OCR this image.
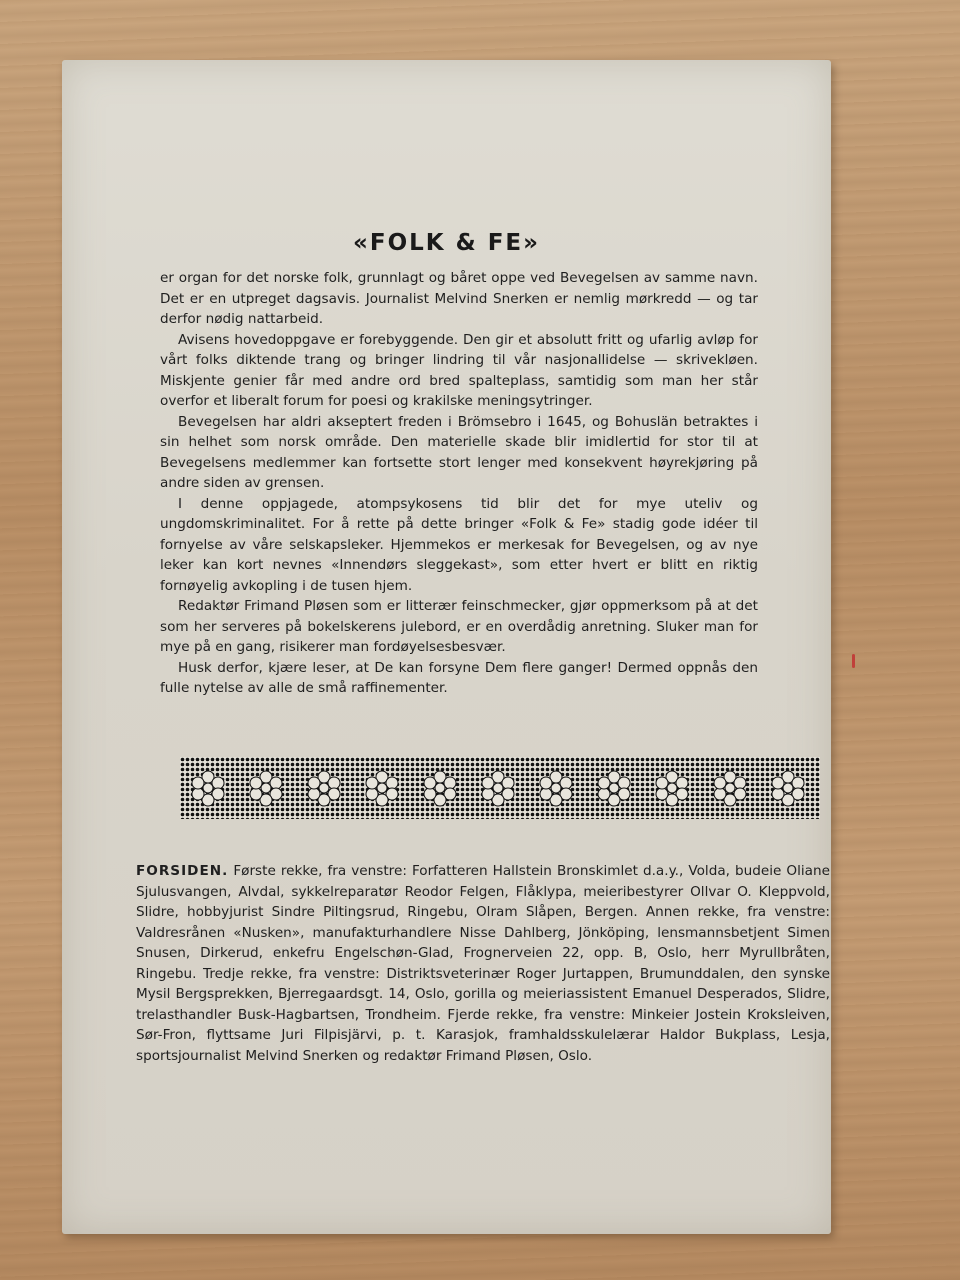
«FOLK & FE»

er organ for det norske folk, grunnlagt og båret oppe ved Bevegelsen av samme navn. Det er en utpreget dagsavis. Journalist Melvind Snerken er nemlig mørkredd — og tar derfor nødig nattarbeid.

Avisens hovedoppgave er forebyggende. Den gir et absolutt fritt og ufarlig avløp for vårt folks diktende trang og bringer lindring til vår nasjonallidelse — skrivekløen. Miskjente genier får med andre ord bred spalteplass, samtidig som man her står overfor et liberalt forum for poesi og krakilske meningsytringer.

Bevegelsen har aldri akseptert freden i Brömsebro i 1645, og Bohuslän betraktes i sin helhet som norsk område. Den materielle skade blir imidlertid for stor til at Bevegelsens medlemmer kan fortsette stort lenger med konsekvent høyrekjøring på andre siden av grensen.

I denne oppjagede, atompsykosens tid blir det for mye uteliv og ungdomskriminalitet. For å rette på dette bringer «Folk & Fe» stadig gode idéer til fornyelse av våre selskapsleker. Hjemmekos er merkesak for Bevegelsen, og av nye leker kan kort nevnes «Innendørs sleggekast», som etter hvert er blitt en riktig fornøyelig avkopling i de tusen hjem.

Redaktør Frimand Pløsen som er litterær feinschmecker, gjør oppmerksom på at det som her serveres på bokelskerens julebord, er en overdådig anretning. Sluker man for mye på en gang, risikerer man fordøyelsesbesvær.

Husk derfor, kjære leser, at De kan forsyne Dem flere ganger! Dermed oppnås den fulle nytelse av alle de små raffinementer.

FORSIDEN. Første rekke, fra venstre: Forfatteren Hallstein Bronskimlet d.a.y., Volda, budeie Oliane Sjulusvangen, Alvdal, sykkelreparatør Reodor Felgen, Flåklypa, meieribestyrer Ollvar O. Kleppvold, Slidre, hobbyjurist Sindre Piltingsrud, Ringebu, Olram Slåpen, Bergen. Annen rekke, fra venstre: Valdresrånen «Nusken», manufakturhandlere Nisse Dahlberg, Jönköping, lensmannsbetjent Simen Snusen, Dirkerud, enkefru Engelschøn-Glad, Frognerveien 22, opp. B, Oslo, herr Myrullbråten, Ringebu. Tredje rekke, fra venstre: Distriktsveterinær Roger Jurtappen, Brumunddalen, den synske Mysil Bergsprekken, Bjerregaardsgt. 14, Oslo, gorilla og meieriassistent Emanuel Desperados, Slidre, trelasthandler Busk-Hagbartsen, Trondheim. Fjerde rekke, fra venstre: Minkeier Jostein Kroksleiven, Sør-Fron, flyttsame Juri Filpisjärvi, p. t. Karasjok, framhaldsskulelærar Haldor Bukplass, Lesja, sportsjournalist Melvind Snerken og redaktør Frimand Pløsen, Oslo.
